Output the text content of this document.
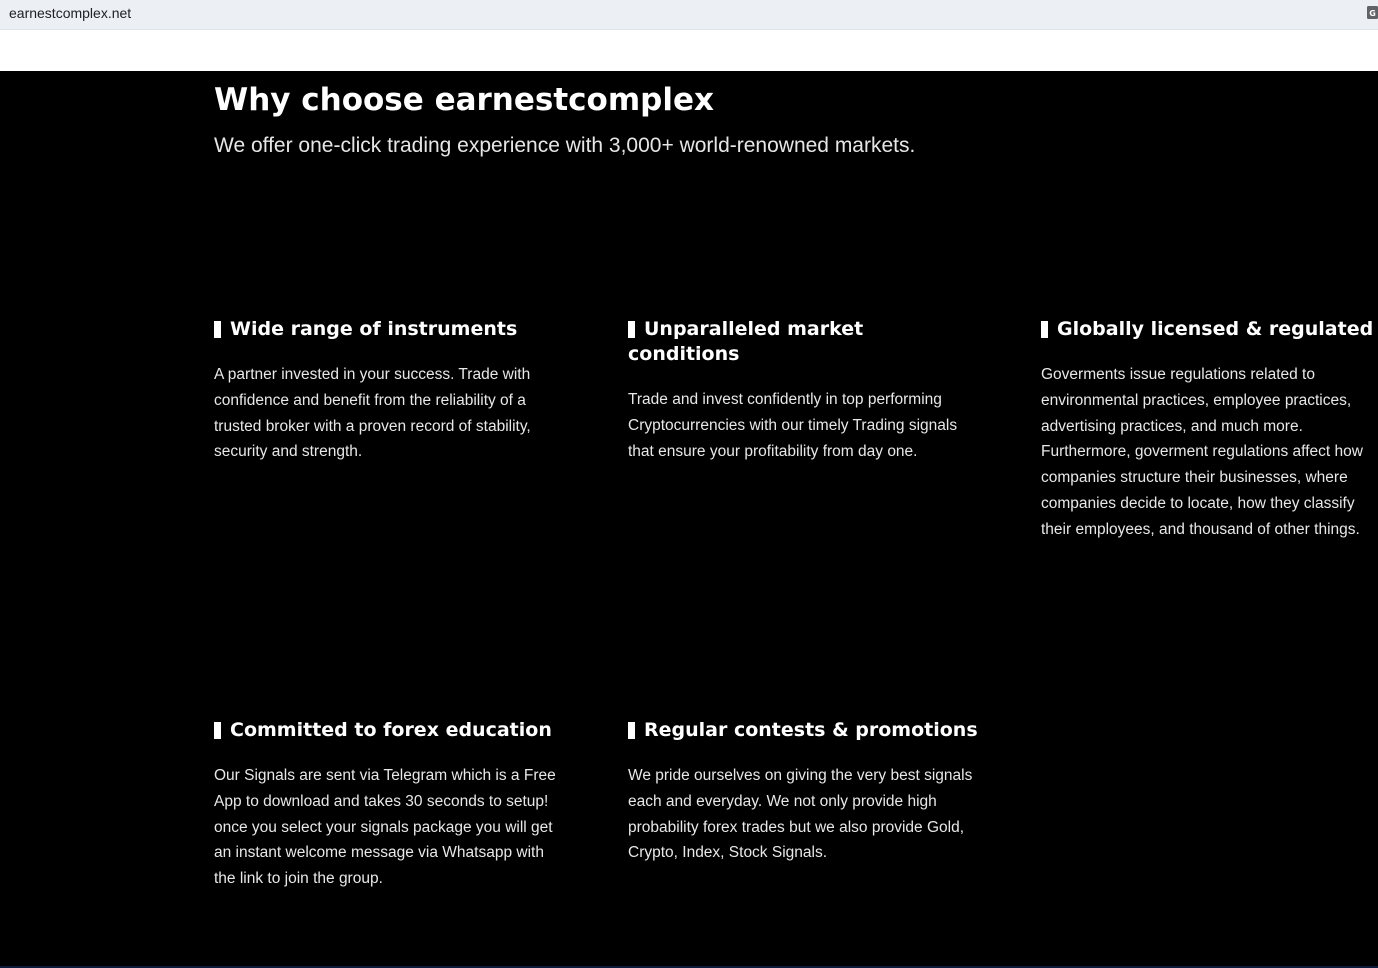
earnestcomplex.net	G
Why choose earnestcomplex

We offer one-click trading experience with 3,000+ world-renowned markets.

Wide range of instruments

A partner invested in your success. Trade with confidence and benefit from the reliability of a trusted broker with a proven record of stability, security and strength.

Unparalleled market conditions

Trade and invest confidently in top performing Cryptocurrencies with our timely Trading signals that ensure your profitability from day one.

Globally licensed & regulated

Goverments issue regulations related to environmental practices, employee practices, advertising practices, and much more. Furthermore, goverment regulations affect how companies structure their businesses, where companies decide to locate, how they classify their employees, and thousand of other things.

Committed to forex education

Our Signals are sent via Telegram which is a Free App to download and takes 30 seconds to setup! once you select your signals package you will get an instant welcome message via Whatsapp with the link to join the group.

Regular contests & promotions

We pride ourselves on giving the very best signals each and everyday. We not only provide high probability forex trades but we also provide Gold, Crypto, Index, Stock Signals.
